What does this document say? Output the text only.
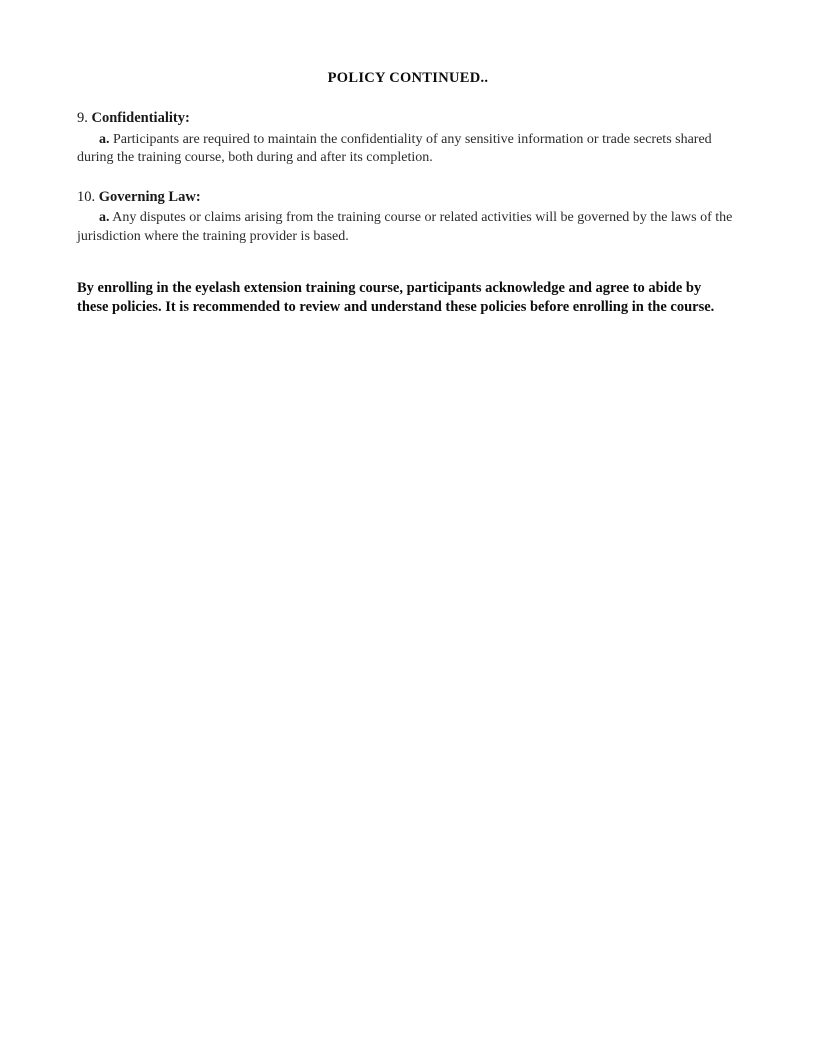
POLICY CONTINUED..

9. Confidentiality:

a. Participants are required to maintain the confidentiality of any sensitive information or trade secrets shared during the training course, both during and after its completion.

10. Governing Law:

a. Any disputes or claims arising from the training course or related activities will be governed by the laws of the jurisdiction where the training provider is based.

By enrolling in the eyelash extension training course, participants acknowledge and agree to abide by these policies. It is recommended to review and understand these policies before enrolling in the course.
